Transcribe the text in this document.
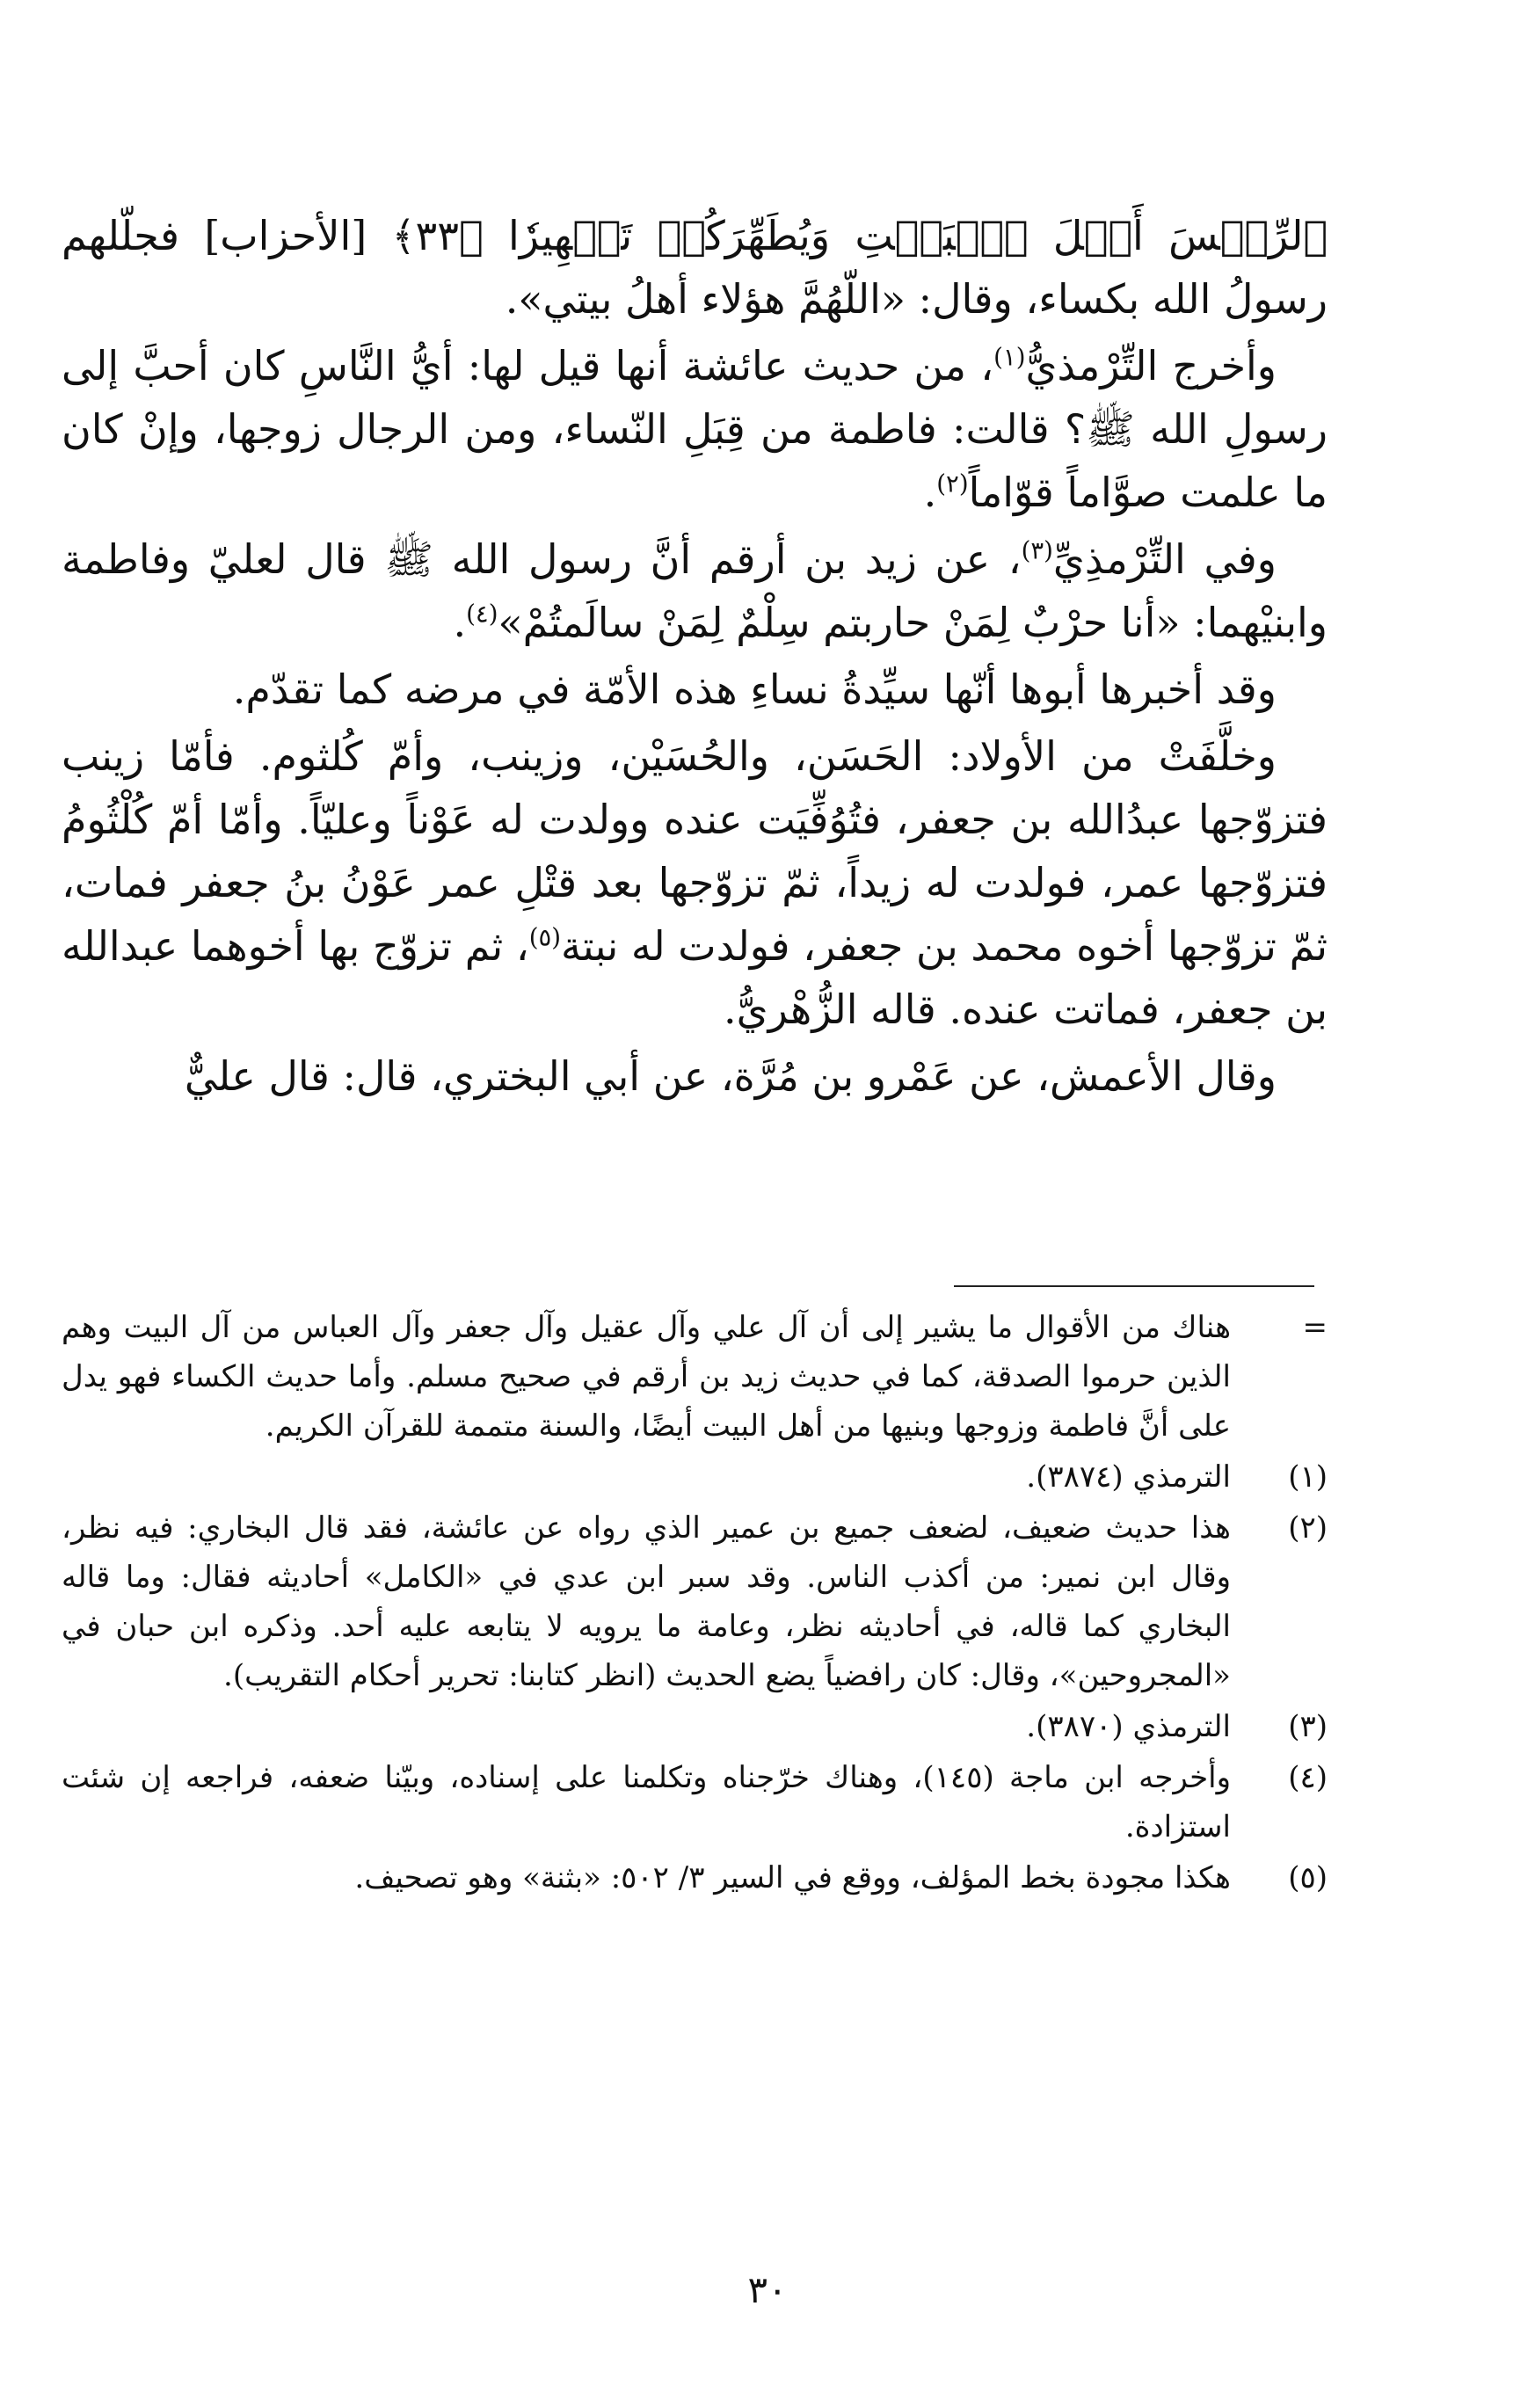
ٱلرِّجۡسَ أَهۡلَ ٱلۡبَيۡتِ وَيُطَهِّرَكُمۡ تَطۡهِيرٗا ﴿٣٣﴾ [الأحزاب] فجلّلهم رسولُ الله بكساء، وقال: «اللّهُمَّ هؤلاء أهلُ بيتي».

وأخرج التِّرْمذيُّ$^{(١)}$، من حديث عائشة أنها قيل لها: أيُّ النَّاسِ كان أحبَّ إلى رسولِ الله ﷺ؟ قالت: فاطمة من قِبَلِ النّساء، ومن الرجال زوجها، وإنْ كان ما علمت صوَّاماً قوّاماً$^{(٢)}$.

وفي التِّرْمذِيِّ$^{(٣)}$، عن زيد بن أرقم أنَّ رسول الله ﷺ قال لعليّ وفاطمة وابنيْهما: «أنا حرْبٌ لِمَنْ حاربتم سِلْمٌ لِمَنْ سالَمتُمْ»$^{(٤)}$.

وقد أخبرها أبوها أنّها سيِّدةُ نساءِ هذه الأمّة في مرضه كما تقدّم.

وخلَّفَتْ من الأولاد: الحَسَن، والحُسَيْن، وزينب، وأمّ كُلثوم. فأمّا زينب فتزوّجها عبدُالله بن جعفر، فتُوُفِّيَت عنده وولدت له عَوْناً وعليّاً. وأمّا أمّ كُلْثُومُ فتزوّجها عمر، فولدت له زيداً، ثمّ تزوّجها بعد قتْلِ عمر عَوْنُ بنُ جعفر فمات، ثمّ تزوّجها أخوه محمد بن جعفر، فولدت له نبتة$^{(٥)}$، ثم تزوّج بها أخوهما عبدالله بن جعفر، فماتت عنده. قاله الزُّهْريُّ.

وقال الأعمش، عن عَمْرو بن مُرَّة، عن أبي البختري، قال: قال عليٌّ

=
هناك من الأقوال ما يشير إلى أن آل علي وآل عقيل وآل جعفر وآل العباس من آل البيت وهم الذين حرموا الصدقة، كما في حديث زيد بن أرقم في صحيح مسلم. وأما حديث الكساء فهو يدل على أنَّ فاطمة وزوجها وبنيها من أهل البيت أيضًا، والسنة متممة للقرآن الكريم.
(١)
الترمذي (٣٨٧٤).
(٢)
هذا حديث ضعيف، لضعف جميع بن عمير الذي رواه عن عائشة، فقد قال البخاري: فيه نظر، وقال ابن نمير: من أكذب الناس. وقد سبر ابن عدي في «الكامل» أحاديثه فقال: وما قاله البخاري كما قاله، في أحاديثه نظر، وعامة ما يرويه لا يتابعه عليه أحد. وذكره ابن حبان في «المجروحين»، وقال: كان رافضياً يضع الحديث (انظر كتابنا: تحرير أحكام التقريب).
(٣)
الترمذي (٣٨٧٠).
(٤)
وأخرجه ابن ماجة (١٤٥)، وهناك خرّجناه وتكلمنا على إسناده، وبيّنا ضعفه، فراجعه إن شئت استزادة.
(٥)
هكذا مجودة بخط المؤلف، ووقع في السير ٣/ ٥٠٢: «بثنة» وهو تصحيف.
٣٠
